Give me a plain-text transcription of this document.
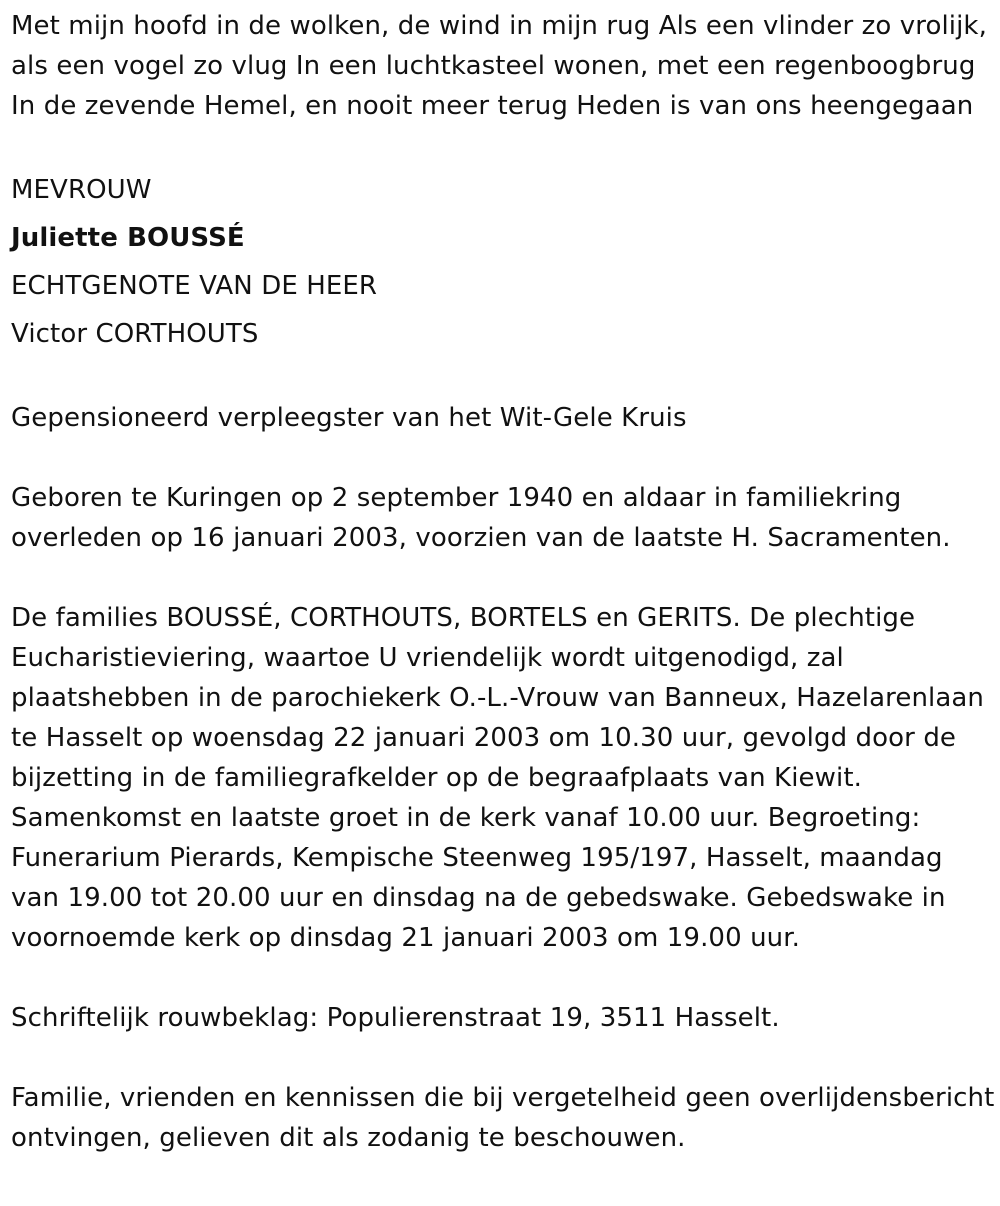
Met mijn hoofd in de wolken, de wind in mijn rug Als een vlinder zo vrolijk, als een vogel zo vlug In een luchtkasteel wonen, met een regenboogbrug In de zevende Hemel, en nooit meer terug Heden is van ons heengegaan

MEVROUW

Juliette BOUSSÉ

ECHTGENOTE VAN DE HEER

Victor CORTHOUTS

Gepensioneerd verpleegster van het Wit-Gele Kruis

Geboren te Kuringen op 2 september 1940 en aldaar in familiekring overleden op 16 januari 2003, voorzien van de laatste H. Sacramenten.

De families BOUSSÉ, CORTHOUTS, BORTELS en GERITS. De plechtige Eucharistieviering, waartoe U vriendelijk wordt uitgenodigd, zal plaatshebben in de parochiekerk O.-L.-Vrouw van Banneux, Hazelarenlaan te Hasselt op woensdag 22 januari 2003 om 10.30 uur, gevolgd door de bijzetting in de familiegrafkelder op de begraafplaats van Kiewit. Samenkomst en laatste groet in de kerk vanaf 10.00 uur. Begroeting: Funerarium Pierards, Kempische Steenweg 195/197, Hasselt, maandag van 19.00 tot 20.00 uur en dinsdag na de gebedswake. Gebedswake in voornoemde kerk op dinsdag 21 januari 2003 om 19.00 uur.

Schriftelijk rouwbeklag: Populierenstraat 19, 3511 Hasselt.

Familie, vrienden en kennissen die bij vergetelheid geen overlijdensbericht ontvingen, gelieven dit als zodanig te beschouwen.
